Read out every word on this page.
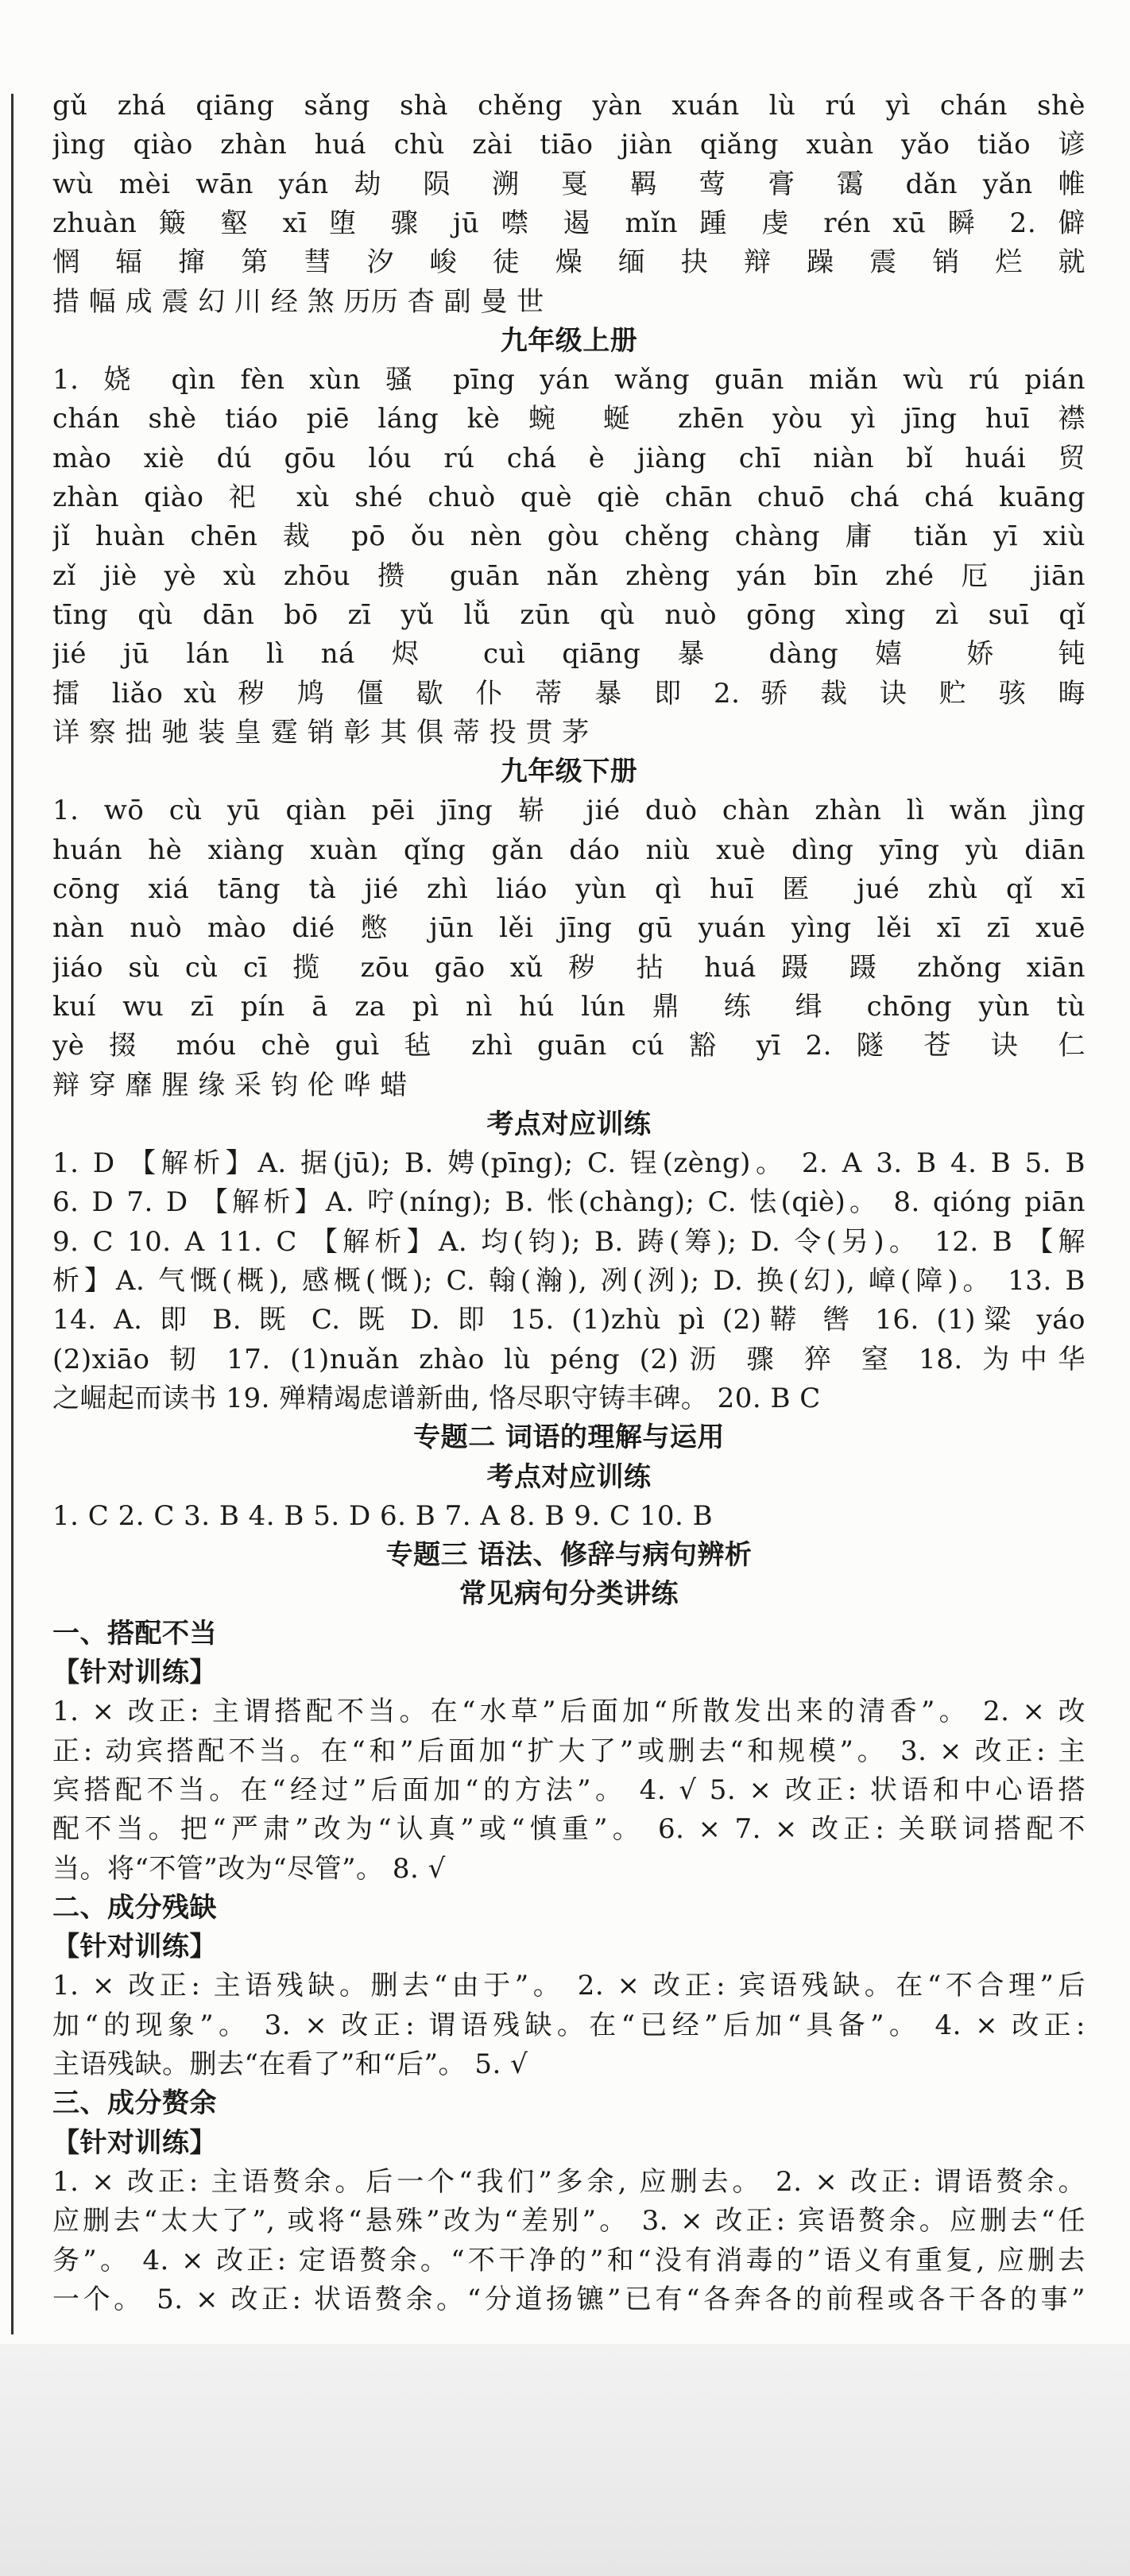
gǔ zhá qiāng sǎng shà chěng yàn xuán lù rú yì chán shè
jìng qiào zhàn huá chù zài tiāo jiàn qiǎng xuàn yǎo tiǎo 谚
wù mèi wān yán 劫 陨 溯 戛 羁 莺 膏 霭 dǎn yǎn 帷
zhuàn 簸 壑 xī 堕 骤 jū 噤 遏 mǐn 踵 虔 rén xū 瞬 2. 僻
惘 辐 撺 第 彗 汐 峻 徒 燥 缅 抉 辩 躁 震 销 烂 就
措 幅 成 震 幻 川 经 煞 历历 杳 副 曼 世
九年级上册
1. 娆 qìn fèn xùn 骚 pīng yán wǎng guān miǎn wù rú pián
chán shè tiáo piē láng kè 蜿 蜒 zhēn yòu yì jīng huī 襟
mào xiè dú gōu lóu rú chá è jiàng chī niàn bǐ huái 贸
zhàn qiào 祀 xù shé chuò què qiè chān chuō chá chá kuāng
jǐ huàn chēn 裁 pō ǒu nèn gòu chěng chàng 庸 tiǎn yī xiù
zǐ jiè yè xù zhōu 攒 guān nǎn zhèng yán bīn zhé 厄 jiān
tīng qù dān bō zī yǔ lǚ zūn qù nuò gōng xìng zì suī qǐ
jié jū lán lì ná 烬 cuì qiāng 暴 dàng 嬉 娇 钝
擂 liǎo xù 秽 鸠 僵 歇 仆 蒂 暴 即 2. 骄 裁 诀 贮 骇 晦
详 察 拙 驰 装 皇 霆 销 彰 其 俱 蒂 投 贯 茅
九年级下册
1. wō cù yū qiàn pēi jīng 崭 jié duò chàn zhàn lì wǎn jìng
huán hè xiàng xuàn qǐng gǎn dáo niù xuè dìng yīng yù diān
cōng xiá tāng tà jié zhì liáo yùn qì huī 匿 jué zhù qǐ xī
nàn nuò mào dié 憋 jūn lěi jīng gū yuán yìng lěi xī zī xuē
jiáo sù cù cī 揽 zōu gāo xǔ 秽 拈 huá 蹑 蹑 zhǒng xiān
kuí wu zī pín ā za pì nì hú lún 鼎 练 缉 chōng yùn tù
yè 掇 móu chè guì 毡 zhì guān cú 豁 yī 2. 隧 苍 诀 仁
辩 穿 靡 腥 缘 采 钧 伦 哗 蜡
考点对应训练
1. D 【解析】A. 据(jū); B. 娉(pīng); C. 锃(zèng)。 2. A 3. B 4. B 5. B
6. D 7. D 【解析】A. 咛(níng); B. 怅(chàng); C. 怯(qiè)。 8. qióng piān
9. C 10. A 11. C 【解析】A. 均(钧); B. 踌(筹); D. 令(另)。 12. B 【解
析】A. 气慨(概), 感概(慨); C. 翰(瀚), 冽(洌); D. 换(幻), 嶂(障)。 13. B
14. A. 即 B. 既 C. 既 D. 即 15. (1)zhù pì (2)鞯 辔 16. (1)粱 yáo
(2)xiāo 韧 17. (1)nuǎn zhào lù péng (2)沥 骤 猝 窒 18. 为中华
之崛起而读书 19. 殚精竭虑谱新曲, 恪尽职守铸丰碑。 20. B C
专题二 词语的理解与运用
考点对应训练
1. C 2. C 3. B 4. B 5. D 6. B 7. A 8. B 9. C 10. B
专题三 语法、修辞与病句辨析
常见病句分类讲练
一、搭配不当
【针对训练】
1. × 改正: 主谓搭配不当。在“水草”后面加“所散发出来的清香”。 2. × 改
正: 动宾搭配不当。在“和”后面加“扩大了”或删去“和规模”。 3. × 改正: 主
宾搭配不当。在“经过”后面加“的方法”。 4. √ 5. × 改正: 状语和中心语搭
配不当。把“严肃”改为“认真”或“慎重”。 6. × 7. × 改正: 关联词搭配不
当。将“不管”改为“尽管”。 8. √
二、成分残缺
【针对训练】
1. × 改正: 主语残缺。删去“由于”。 2. × 改正: 宾语残缺。在“不合理”后
加“的现象”。 3. × 改正: 谓语残缺。在“已经”后加“具备”。 4. × 改正:
主语残缺。删去“在看了”和“后”。 5. √
三、成分赘余
【针对训练】
1. × 改正: 主语赘余。后一个“我们”多余, 应删去。 2. × 改正: 谓语赘余。
应删去“太大了”, 或将“悬殊”改为“差别”。 3. × 改正: 宾语赘余。应删去“任
务”。 4. × 改正: 定语赘余。“不干净的”和“没有消毒的”语义有重复, 应删去
一个。 5. × 改正: 状语赘余。“分道扬镳”已有“各奔各的前程或各干各的事”
